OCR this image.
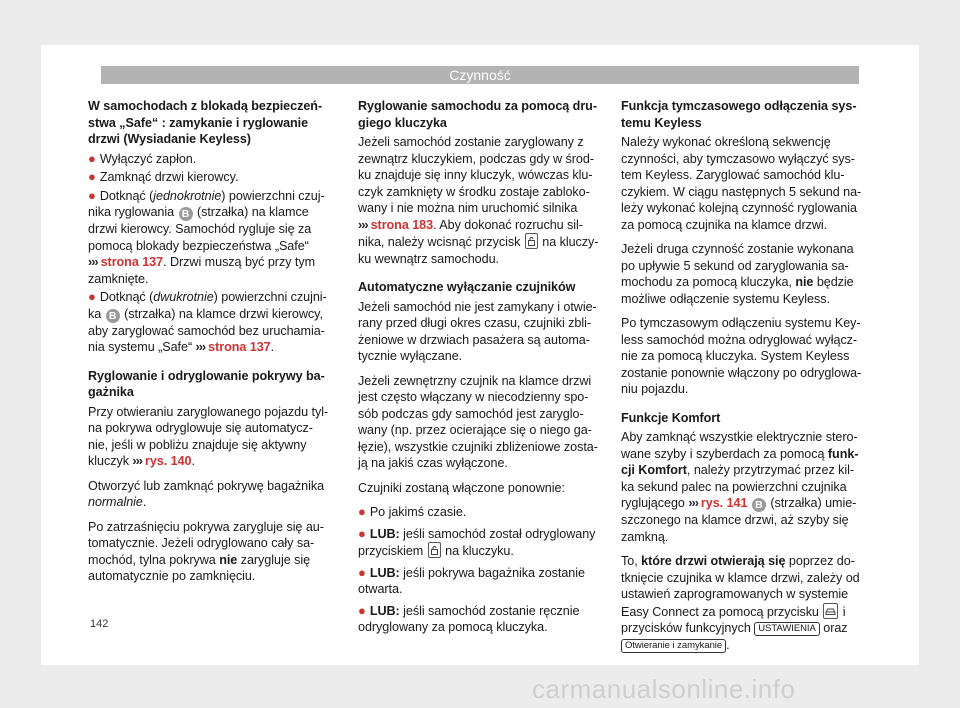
Czynność
W samochodach z blokadą bezpieczeń-stwa „Safe“ : zamykanie i ryglowanie drzwi (Wysiadanie Keyless)
● Wyłączyć zapłon.
● Zamknąć drzwi kierowcy.
● Dotknąć (jednokrotnie) powierzchni czuj-nika ryglowania B (strzałka) na klamce drzwi kierowcy. Samochód rygluje się za pomocą blokady bezpieczeństwa „Safe“ ››› strona 137. Drzwi muszą być przy tym zamknięte.
● Dotknąć (dwukrotnie) powierzchni czujni-ka B (strzałka) na klamce drzwi kierowcy, aby zaryglować samochód bez uruchamia-nia systemu „Safe“ ››› strona 137.
Ryglowanie i odryglowanie pokrywy ba-gażnika

Przy otwieraniu zaryglowanego pojazdu tyl-na pokrywa odryglowuje się automatycz-nie, jeśli w pobliżu znajduje się aktywny kluczyk ››› rys. 140.

Otworzyć lub zamknąć pokrywę bagażnika normalnie.

Po zatrzaśnięciu pokrywa zarygluje się au-tomatycznie. Jeżeli odryglowano cały sa-mochód, tylna pokrywa nie zarygluje się automatycznie po zamknięciu.

Ryglowanie samochodu za pomocą dru-giego kluczyka

Jeżeli samochód zostanie zaryglowany z zewnątrz kluczykiem, podczas gdy w środ-ku znajduje się inny kluczyk, wówczas klu-czyk zamknięty w środku zostaje zabloko-wany i nie można nim uruchomić silnika ››› strona 183. Aby dokonać rozruchu sil-nika, należy wcisnąć przycisk na kluczy-ku wewnątrz samochodu.

Automatyczne wyłączanie czujników

Jeżeli samochód nie jest zamykany i otwie-rany przed długi okres czasu, czujniki zbli-żeniowe w drzwiach pasażera są automa-tycznie wyłączane.

Jeżeli zewnętrzny czujnik na klamce drzwi jest często włączany w niecodzienny spo-sób podczas gdy samochód jest zaryglo-wany (np. przez ocierające się o niego ga-łęzie), wszystkie czujniki zbliżeniowe zosta-ją na jakiś czas wyłączone.

Czujniki zostaną włączone ponownie:

● Po jakimś czasie.
● LUB: jeśli samochód został odryglowany przyciskiem na kluczyku.
● LUB: jeśli pokrywa bagażnika zostanie otwarta.
● LUB: jeśli samochód zostanie ręcznie odryglowany za pomocą kluczyka.
Funkcja tymczasowego odłączenia sys-temu Keyless

Należy wykonać określoną sekwencję czynności, aby tymczasowo wyłączyć sys-tem Keyless. Zaryglować samochód klu-czykiem. W ciągu następnych 5 sekund na-leży wykonać kolejną czynność ryglowania za pomocą czujnika na klamce drzwi.

Jeżeli druga czynność zostanie wykonana po upływie 5 sekund od zaryglowania sa-mochodu za pomocą kluczyka, nie będzie możliwe odłączenie systemu Keyless.

Po tymczasowym odłączeniu systemu Key-less samochód można odryglować wyłącz-nie za pomocą kluczyka. System Keyless zostanie ponownie włączony po odryglowa-niu pojazdu.

Funkcje Komfort

Aby zamknąć wszystkie elektrycznie stero-wane szyby i szyberdach za pomocą funk-cji Komfort, należy przytrzymać przez kil-ka sekund palec na powierzchni czujnika ryglującego ››› rys. 141 B (strzałka) umie-szczonego na klamce drzwi, aż szyby się zamkną.

To, które drzwi otwierają się poprzez do-tknięcie czujnika w klamce drzwi, zależy od ustawień zaprogramowanych w systemie Easy Connect za pomocą przycisku i przycisków funkcyjnych USTAWIENIA oraz Otwieranie i zamykanie .

142
carmanualsonline.info
